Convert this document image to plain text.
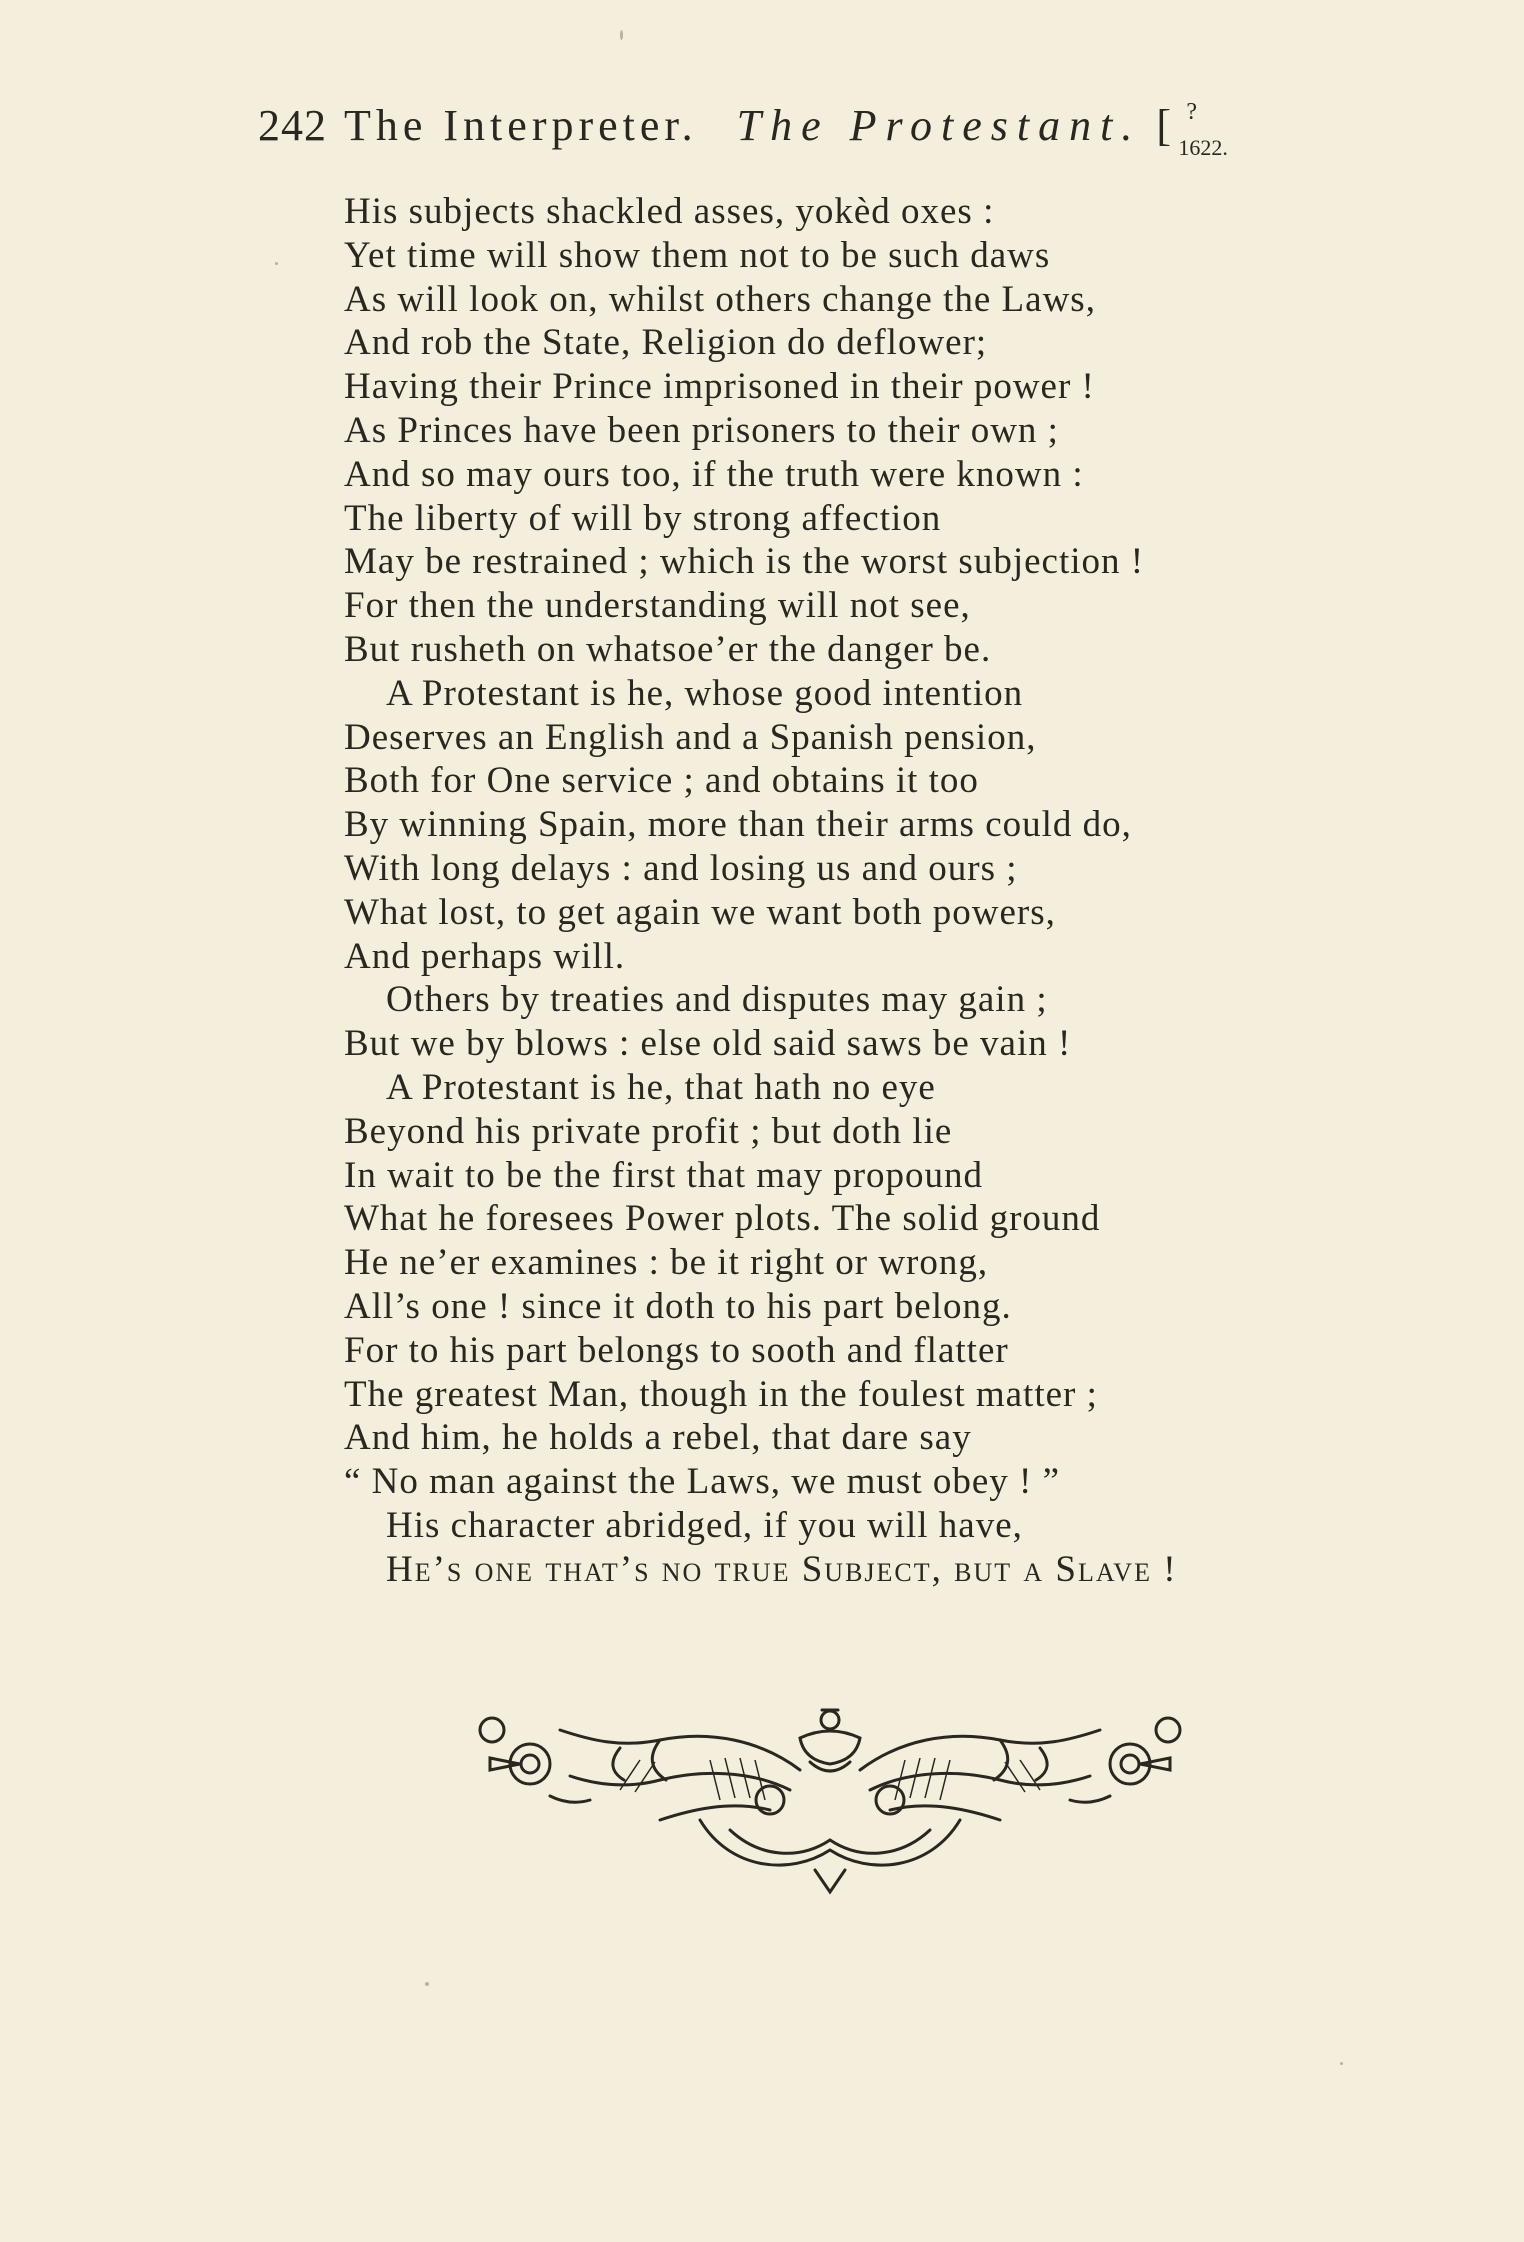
242 The Interpreter. The Protestant. [ ?
1622.
His subjects shackled asses, yokèd oxes :
Yet time will show them not to be such daws
As will look on, whilst others change the Laws,
And rob the State, Religion do deflower;
Having their Prince imprisoned in their power !
As Princes have been prisoners to their own ;
And so may ours too, if the truth were known :
The liberty of will by strong affection
May be restrained ; which is the worst subjection !
For then the understanding will not see,
But rusheth on whatsoe’er the danger be.
A Protestant is he, whose good intention
Deserves an English and a Spanish pension,
Both for One service ; and obtains it too
By winning Spain, more than their arms could do,
With long delays : and losing us and ours ;
What lost, to get again we want both powers,
And perhaps will.
Others by treaties and disputes may gain ;
But we by blows : else old said saws be vain !
A Protestant is he, that hath no eye
Beyond his private profit ; but doth lie
In wait to be the first that may propound
What he foresees Power plots. The solid ground
He ne’er examines : be it right or wrong,
All’s one ! since it doth to his part belong.
For to his part belongs to sooth and flatter
The greatest Man, though in the foulest matter ;
And him, he holds a rebel, that dare say
“ No man against the Laws, we must obey ! ”
His character abridged, if you will have,
He’s one that’s no true Subject, but a Slave !
